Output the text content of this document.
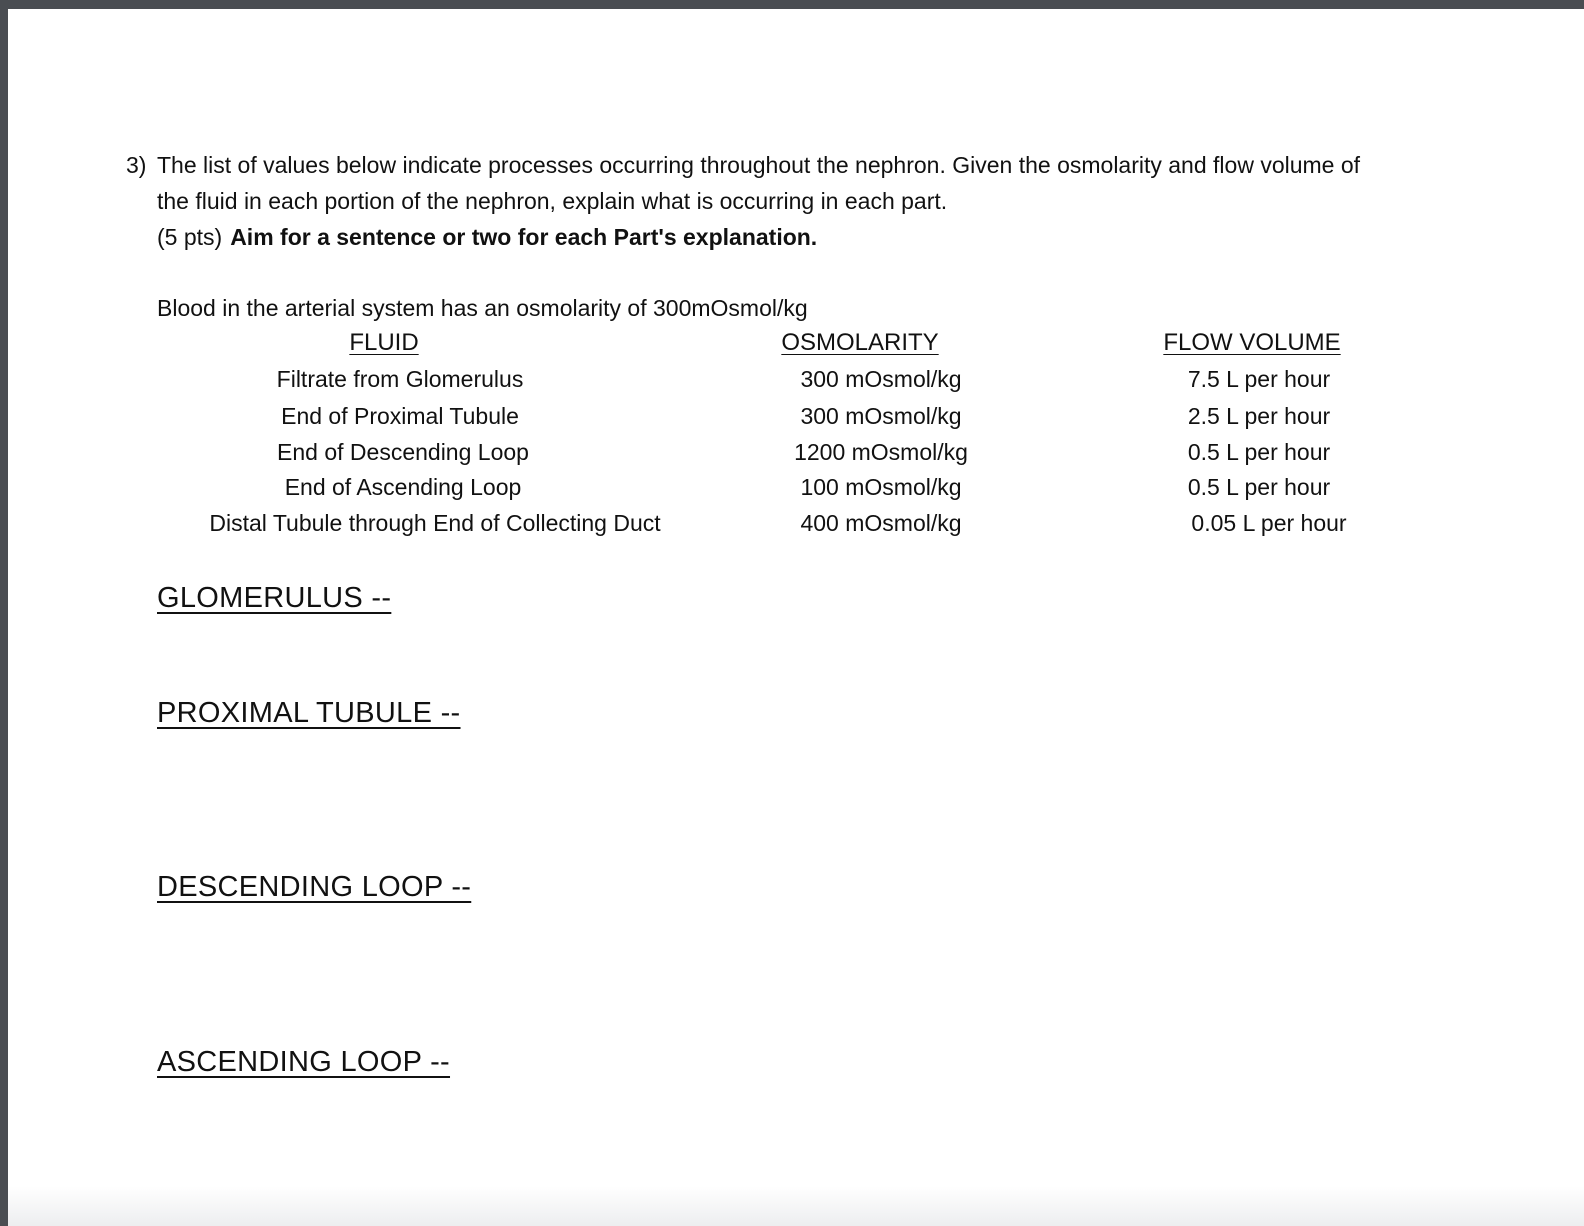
3) The list of values below indicate processes occurring throughout the nephron. Given the osmolarity and flow volume of
the fluid in each portion of the nephron, explain what is occurring in each part.
(5 pts) Aim for a sentence or two for each Part's explanation.
Blood in the arterial system has an osmolarity of 300mOsmol/kg
FLUID	OSMOLARITY	FLOW VOLUME
Filtrate from Glomerulus	300 mOsmol/kg	7.5 L per hour
End of Proximal Tubule	300 mOsmol/kg	2.5 L per hour
End of Descending Loop	1200 mOsmol/kg	0.5 L per hour
End of Ascending Loop	100 mOsmol/kg	0.5 L per hour
Distal Tubule through End of Collecting Duct	400 mOsmol/kg	0.05 L per hour
GLOMERULUS --
PROXIMAL TUBULE --
DESCENDING LOOP --
ASCENDING LOOP --
